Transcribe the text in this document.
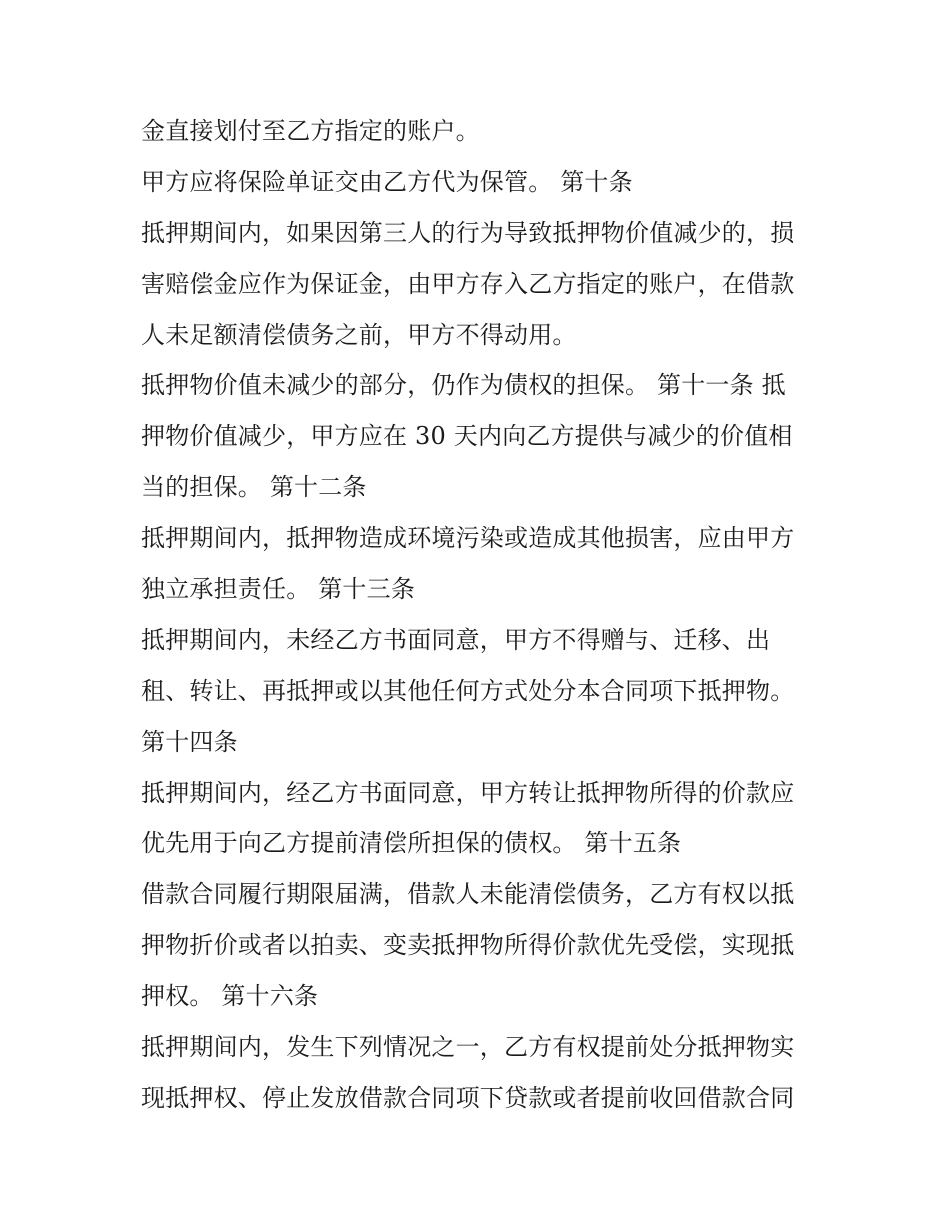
金直接划付至乙方指定的账户。
甲方应将保险单证交由乙方代为保管。 第十条
抵押期间内，如果因第三人的行为导致抵押物价值减少的，损
害赔偿金应作为保证金，由甲方存入乙方指定的账户，在借款
人未足额清偿债务之前，甲方不得动用。
抵押物价值未减少的部分，仍作为债权的担保。 第十一条 抵
押物价值减少，甲方应在 30 天内向乙方提供与减少的价值相
当的担保。 第十二条
抵押期间内，抵押物造成环境污染或造成其他损害，应由甲方
独立承担责任。 第十三条
抵押期间内，未经乙方书面同意，甲方不得赠与、迁移、出
租、转让、再抵押或以其他任何方式处分本合同项下抵押物。
第十四条
抵押期间内，经乙方书面同意，甲方转让抵押物所得的价款应
优先用于向乙方提前清偿所担保的债权。 第十五条
借款合同履行期限届满，借款人未能清偿债务，乙方有权以抵
押物折价或者以拍卖、变卖抵押物所得价款优先受偿，实现抵
押权。 第十六条
抵押期间内，发生下列情况之一，乙方有权提前处分抵押物实
现抵押权、停止发放借款合同项下贷款或者提前收回借款合同
